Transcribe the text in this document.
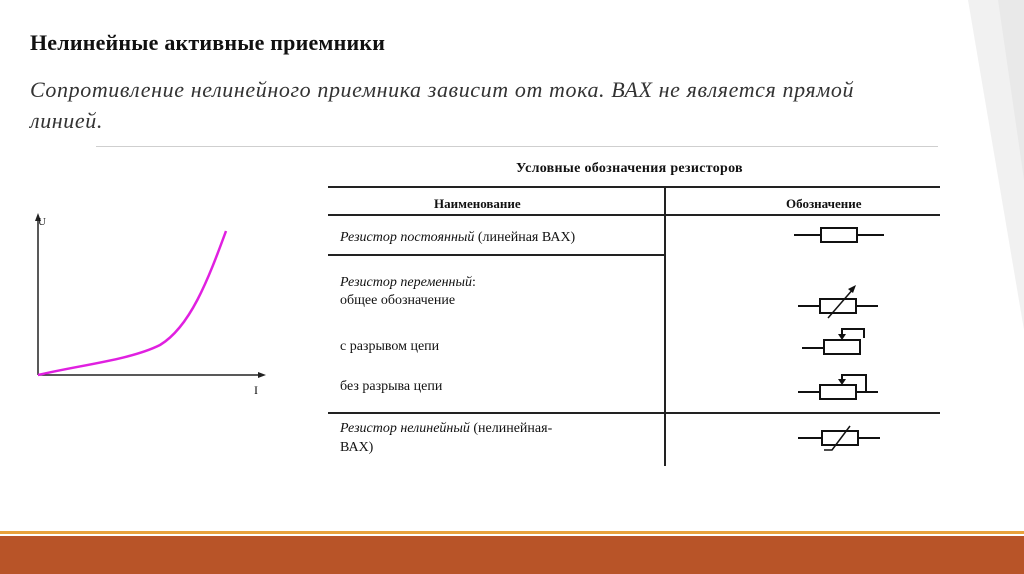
Нелинейные активные приемники
Сопротивление нелинейного приемника зависит от тока. ВАХ не является прямой линией.
U
I
Условные обозначения резисторов
Наименование	Обозначение
Резистор постоянный (линейная ВАХ)
Резистор переменный:
общее обозначение
с разрывом цепи
без разрыва цепи
Резистор нелинейный (нелинейная-
ВАХ)
